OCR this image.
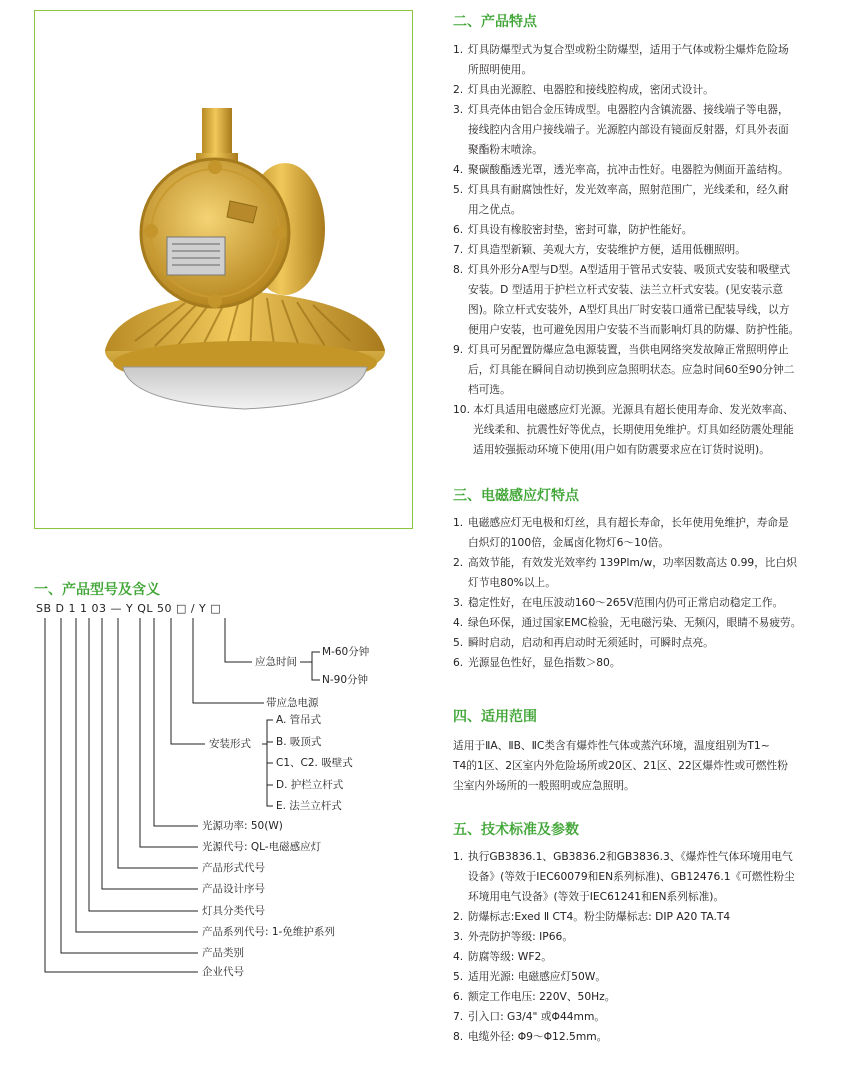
一、产品型号及含义
SB D 1 1 03 — Y QL 50 □ / Y □
应急时间
M-60分钟
N-90分钟
带应急电源
安装形式
A. 管吊式
B. 吸顶式
C1、C2. 吸壁式
D. 护栏立杆式
E. 法兰立杆式
光源功率: 50(W)
光源代号: QL-电磁感应灯
产品形式代号
产品设计序号
灯具分类代号
产品系列代号: 1-免维护系列
产品类别
企业代号
二、产品特点
1. 灯具防爆型式为复合型或粉尘防爆型，适用于气体或粉尘爆炸危险场
所照明使用。
2. 灯具由光源腔、电器腔和接线腔构成，密闭式设计。
3. 灯具壳体由铝合金压铸成型。电器腔内含镇流器、接线端子等电器，
接线腔内含用户接线端子。光源腔内部设有镜面反射器，灯具外表面
聚酯粉末喷涂。
4. 聚碳酸酯透光罩，透光率高，抗冲击性好。电器腔为侧面开盖结构。
5. 灯具具有耐腐蚀性好，发光效率高，照射范围广，光线柔和，经久耐
用之优点。
6. 灯具设有橡胶密封垫，密封可靠，防护性能好。
7. 灯具造型新颖、美观大方，安装维护方便，适用低棚照明。
8. 灯具外形分A型与D型。A型适用于管吊式安装、吸顶式安装和吸壁式
安装。D 型适用于护栏立杆式安装、法兰立杆式安装。(见安装示意
图)。除立杆式安装外，A型灯具出厂时安装口通常已配装导线，以方
便用户安装，也可避免因用户安装不当而影响灯具的防爆、防护性能。
9. 灯具可另配置防爆应急电源装置，当供电网络突发故障正常照明停止
后，灯具能在瞬间自动切换到应急照明状态。应急时间60至90分钟二
档可选。
10. 本灯具适用电磁感应灯光源。光源具有超长使用寿命、发光效率高、
光线柔和、抗震性好等优点，长期使用免维护。灯具如经防震处理能
适用较强振动环境下使用(用户如有防震要求应在订货时说明)。
三、电磁感应灯特点
1. 电磁感应灯无电极和灯丝，具有超长寿命，长年使用免维护，寿命是
白炽灯的100倍，金属卤化物灯6～10倍。
2. 高效节能，有效发光效率约 139Plm/w，功率因数高达 0.99，比白炽
灯节电80%以上。
3. 稳定性好，在电压波动160～265V范围内仍可正常启动稳定工作。
4. 绿色环保，通过国家EMC检验，无电磁污染、无频闪，眼睛不易疲劳。
5. 瞬时启动，启动和再启动时无须延时，可瞬时点亮。
6. 光源显色性好，显色指数＞80。
四、适用范围
适用于ⅡA、ⅡB、ⅡC类含有爆炸性气体或蒸汽环境，温度组别为T1~
T4的1区、2区室内外危险场所或20区、21区、22区爆炸性或可燃性粉
尘室内外场所的一般照明或应急照明。
五、技术标准及参数
1. 执行GB3836.1、GB3836.2和GB3836.3、《爆炸性气体环境用电气
设备》(等效于IEC60079和EN系列标准)、GB12476.1《可燃性粉尘
环境用电气设备》(等效于IEC61241和EN系列标准)。
2. 防爆标志:Exed Ⅱ CT4。粉尘防爆标志: DIP A20 TA.T4
3. 外壳防护等级: IP66。
4. 防腐等级: WF2。
5. 适用光源: 电磁感应灯50W。
6. 额定工作电压: 220V、50Hz。
7. 引入口: G3/4" 或Φ44mm。
8. 电缆外径: Φ9～Φ12.5mm。
